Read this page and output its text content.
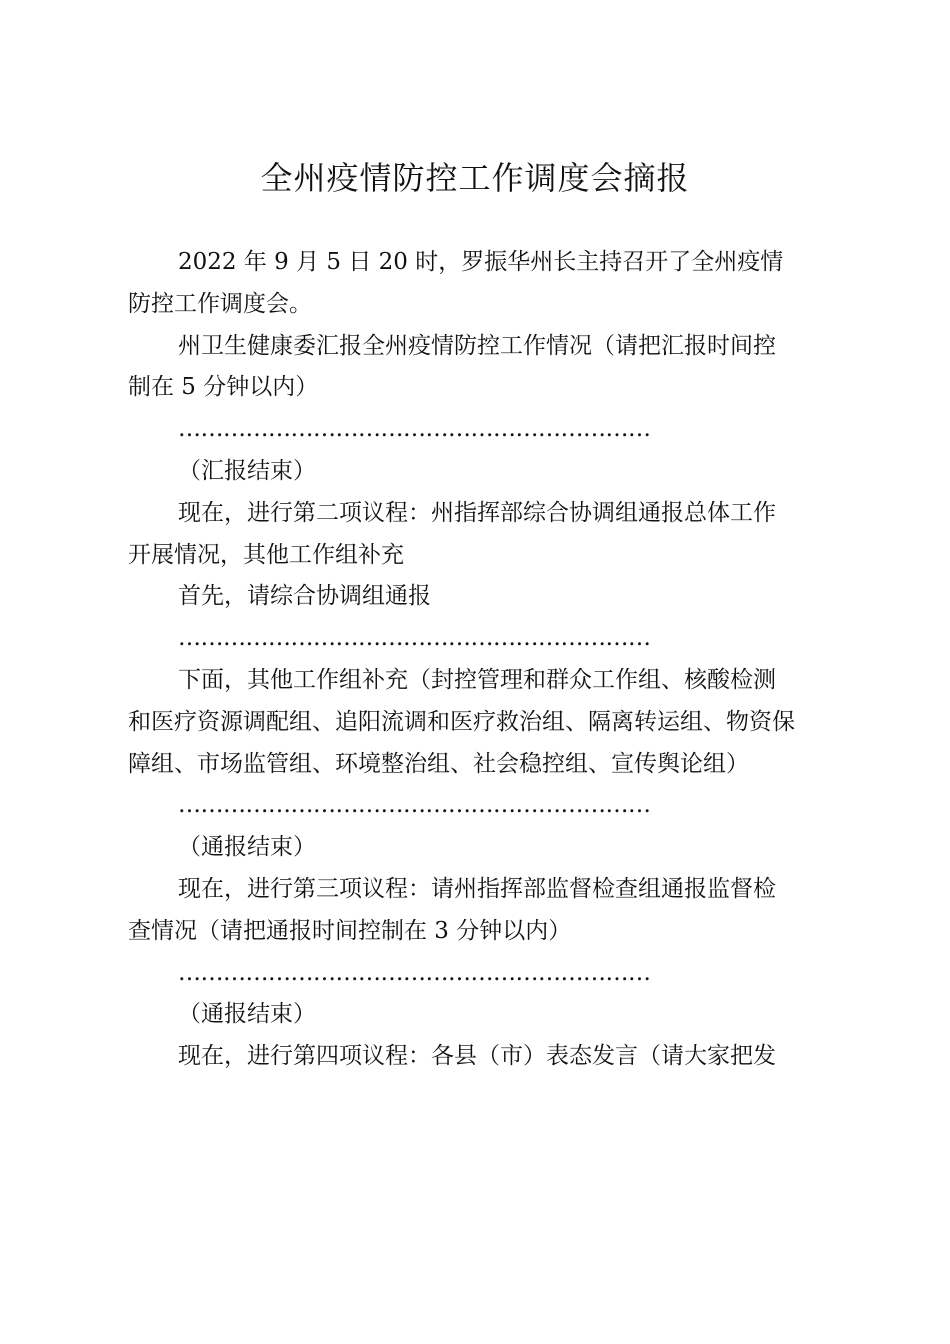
全州疫情防控工作调度会摘报
2022 年 9 月 5 日 20 时，罗振华州长主持召开了全州疫情
防控工作调度会。
州卫生健康委汇报全州疫情防控工作情况（请把汇报时间控
制在 5 分钟以内）
………………………………………………………
（汇报结束）
现在，进行第二项议程：州指挥部综合协调组通报总体工作
开展情况，其他工作组补充
首先，请综合协调组通报
………………………………………………………
下面，其他工作组补充（封控管理和群众工作组、核酸检测
和医疗资源调配组、追阳流调和医疗救治组、隔离转运组、物资保
障组、市场监管组、环境整治组、社会稳控组、宣传舆论组）
………………………………………………………
（通报结束）
现在，进行第三项议程：请州指挥部监督检查组通报监督检
查情况（请把通报时间控制在 3 分钟以内）
………………………………………………………
（通报结束）
现在，进行第四项议程：各县（市）表态发言（请大家把发
